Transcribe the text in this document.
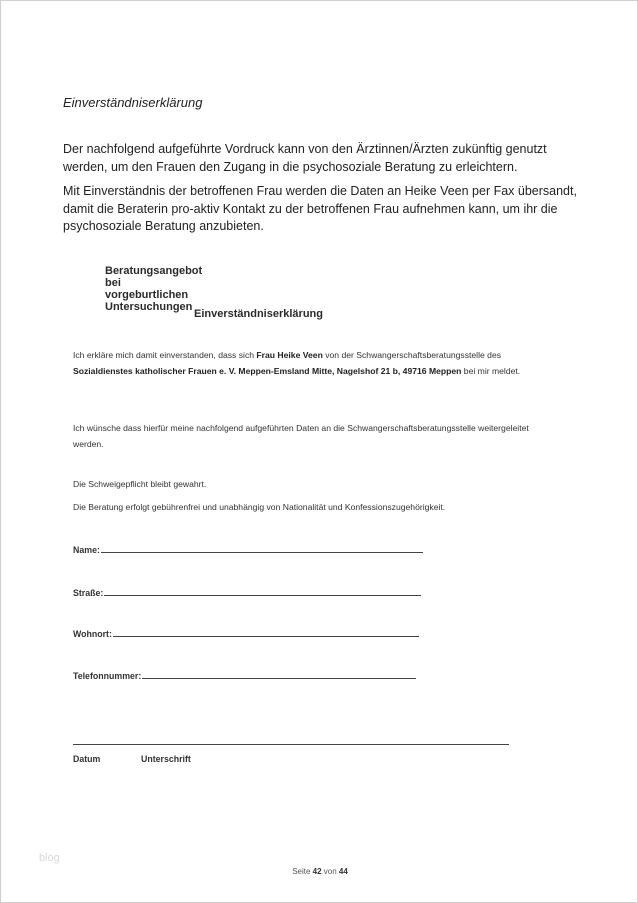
Einverständniserklärung

Der nachfolgend aufgeführte Vordruck kann von den Ärztinnen/Ärzten zukünftig genutzt werden, um den Frauen den Zugang in die psychosoziale Beratung zu erleichtern.

Mit Einverständnis der betroffenen Frau werden die Daten an Heike Veen per Fax übersandt, damit die Beraterin pro-aktiv Kontakt zu der betroffenen Frau aufnehmen kann, um ihr die psychosoziale Beratung anzubieten.

Beratungsangebot bei vorgeburtlichen Untersuchungen
Einverständniserklärung

Ich erkläre mich damit einverstanden, dass sich Frau Heike Veen von der Schwangerschaftsberatungsstelle des Sozialdienstes katholischer Frauen e. V. Meppen-Emsland Mitte, Nagelshof 21 b, 49716 Meppen bei mir meldet.

Ich wünsche dass hierfür meine nachfolgend aufgeführten Daten an die Schwangerschaftsberatungsstelle weitergeleitet werden.

Die Schweigepflicht bleibt gewahrt.

Die Beratung erfolgt gebührenfrei und unabhängig von Nationalität und Konfessionszugehörigkeit.

Name:
Straße:
Wohnort:
Telefonnummer:
Datum	Unterschrift
blog
Seite 42 von 44
